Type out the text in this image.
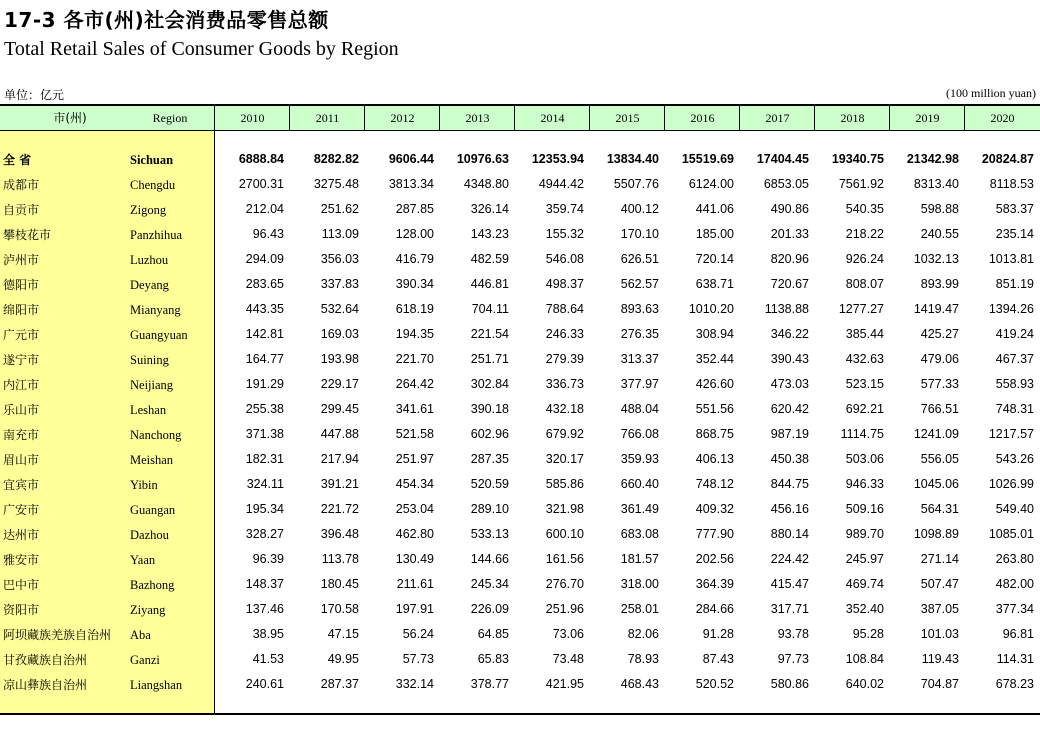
17-3 各市(州)社会消费品零售总额
Total Retail Sales of Consumer Goods by Region
单位：亿元	(100 million yuan)
市(州)	Region	2010	2011	2012	2013	2014	2015	2016	2017	2018	2019	2020
全 省	Sichuan	6888.84	8282.82	9606.44	10976.63	12353.94	13834.40	15519.69	17404.45	19340.75	21342.98	20824.87
成都市	Chengdu	2700.31	3275.48	3813.34	4348.80	4944.42	5507.76	6124.00	6853.05	7561.92	8313.40	8118.53
自贡市	Zigong	212.04	251.62	287.85	326.14	359.74	400.12	441.06	490.86	540.35	598.88	583.37
攀枝花市	Panzhihua	96.43	113.09	128.00	143.23	155.32	170.10	185.00	201.33	218.22	240.55	235.14
泸州市	Luzhou	294.09	356.03	416.79	482.59	546.08	626.51	720.14	820.96	926.24	1032.13	1013.81
德阳市	Deyang	283.65	337.83	390.34	446.81	498.37	562.57	638.71	720.67	808.07	893.99	851.19
绵阳市	Mianyang	443.35	532.64	618.19	704.11	788.64	893.63	1010.20	1138.88	1277.27	1419.47	1394.26
广元市	Guangyuan	142.81	169.03	194.35	221.54	246.33	276.35	308.94	346.22	385.44	425.27	419.24
遂宁市	Suining	164.77	193.98	221.70	251.71	279.39	313.37	352.44	390.43	432.63	479.06	467.37
内江市	Neijiang	191.29	229.17	264.42	302.84	336.73	377.97	426.60	473.03	523.15	577.33	558.93
乐山市	Leshan	255.38	299.45	341.61	390.18	432.18	488.04	551.56	620.42	692.21	766.51	748.31
南充市	Nanchong	371.38	447.88	521.58	602.96	679.92	766.08	868.75	987.19	1114.75	1241.09	1217.57
眉山市	Meishan	182.31	217.94	251.97	287.35	320.17	359.93	406.13	450.38	503.06	556.05	543.26
宜宾市	Yibin	324.11	391.21	454.34	520.59	585.86	660.40	748.12	844.75	946.33	1045.06	1026.99
广安市	Guangan	195.34	221.72	253.04	289.10	321.98	361.49	409.32	456.16	509.16	564.31	549.40
达州市	Dazhou	328.27	396.48	462.80	533.13	600.10	683.08	777.90	880.14	989.70	1098.89	1085.01
雅安市	Yaan	96.39	113.78	130.49	144.66	161.56	181.57	202.56	224.42	245.97	271.14	263.80
巴中市	Bazhong	148.37	180.45	211.61	245.34	276.70	318.00	364.39	415.47	469.74	507.47	482.00
资阳市	Ziyang	137.46	170.58	197.91	226.09	251.96	258.01	284.66	317.71	352.40	387.05	377.34
阿坝藏族羌族自治州 Aba	38.95	47.15	56.24	64.85	73.06	82.06	91.28	93.78	95.28	101.03	96.81
甘孜藏族自治州	Ganzi	41.53	49.95	57.73	65.83	73.48	78.93	87.43	97.73	108.84	119.43	114.31
凉山彝族自治州	Liangshan	240.61	287.37	332.14	378.77	421.95	468.43	520.52	580.86	640.02	704.87	678.23
